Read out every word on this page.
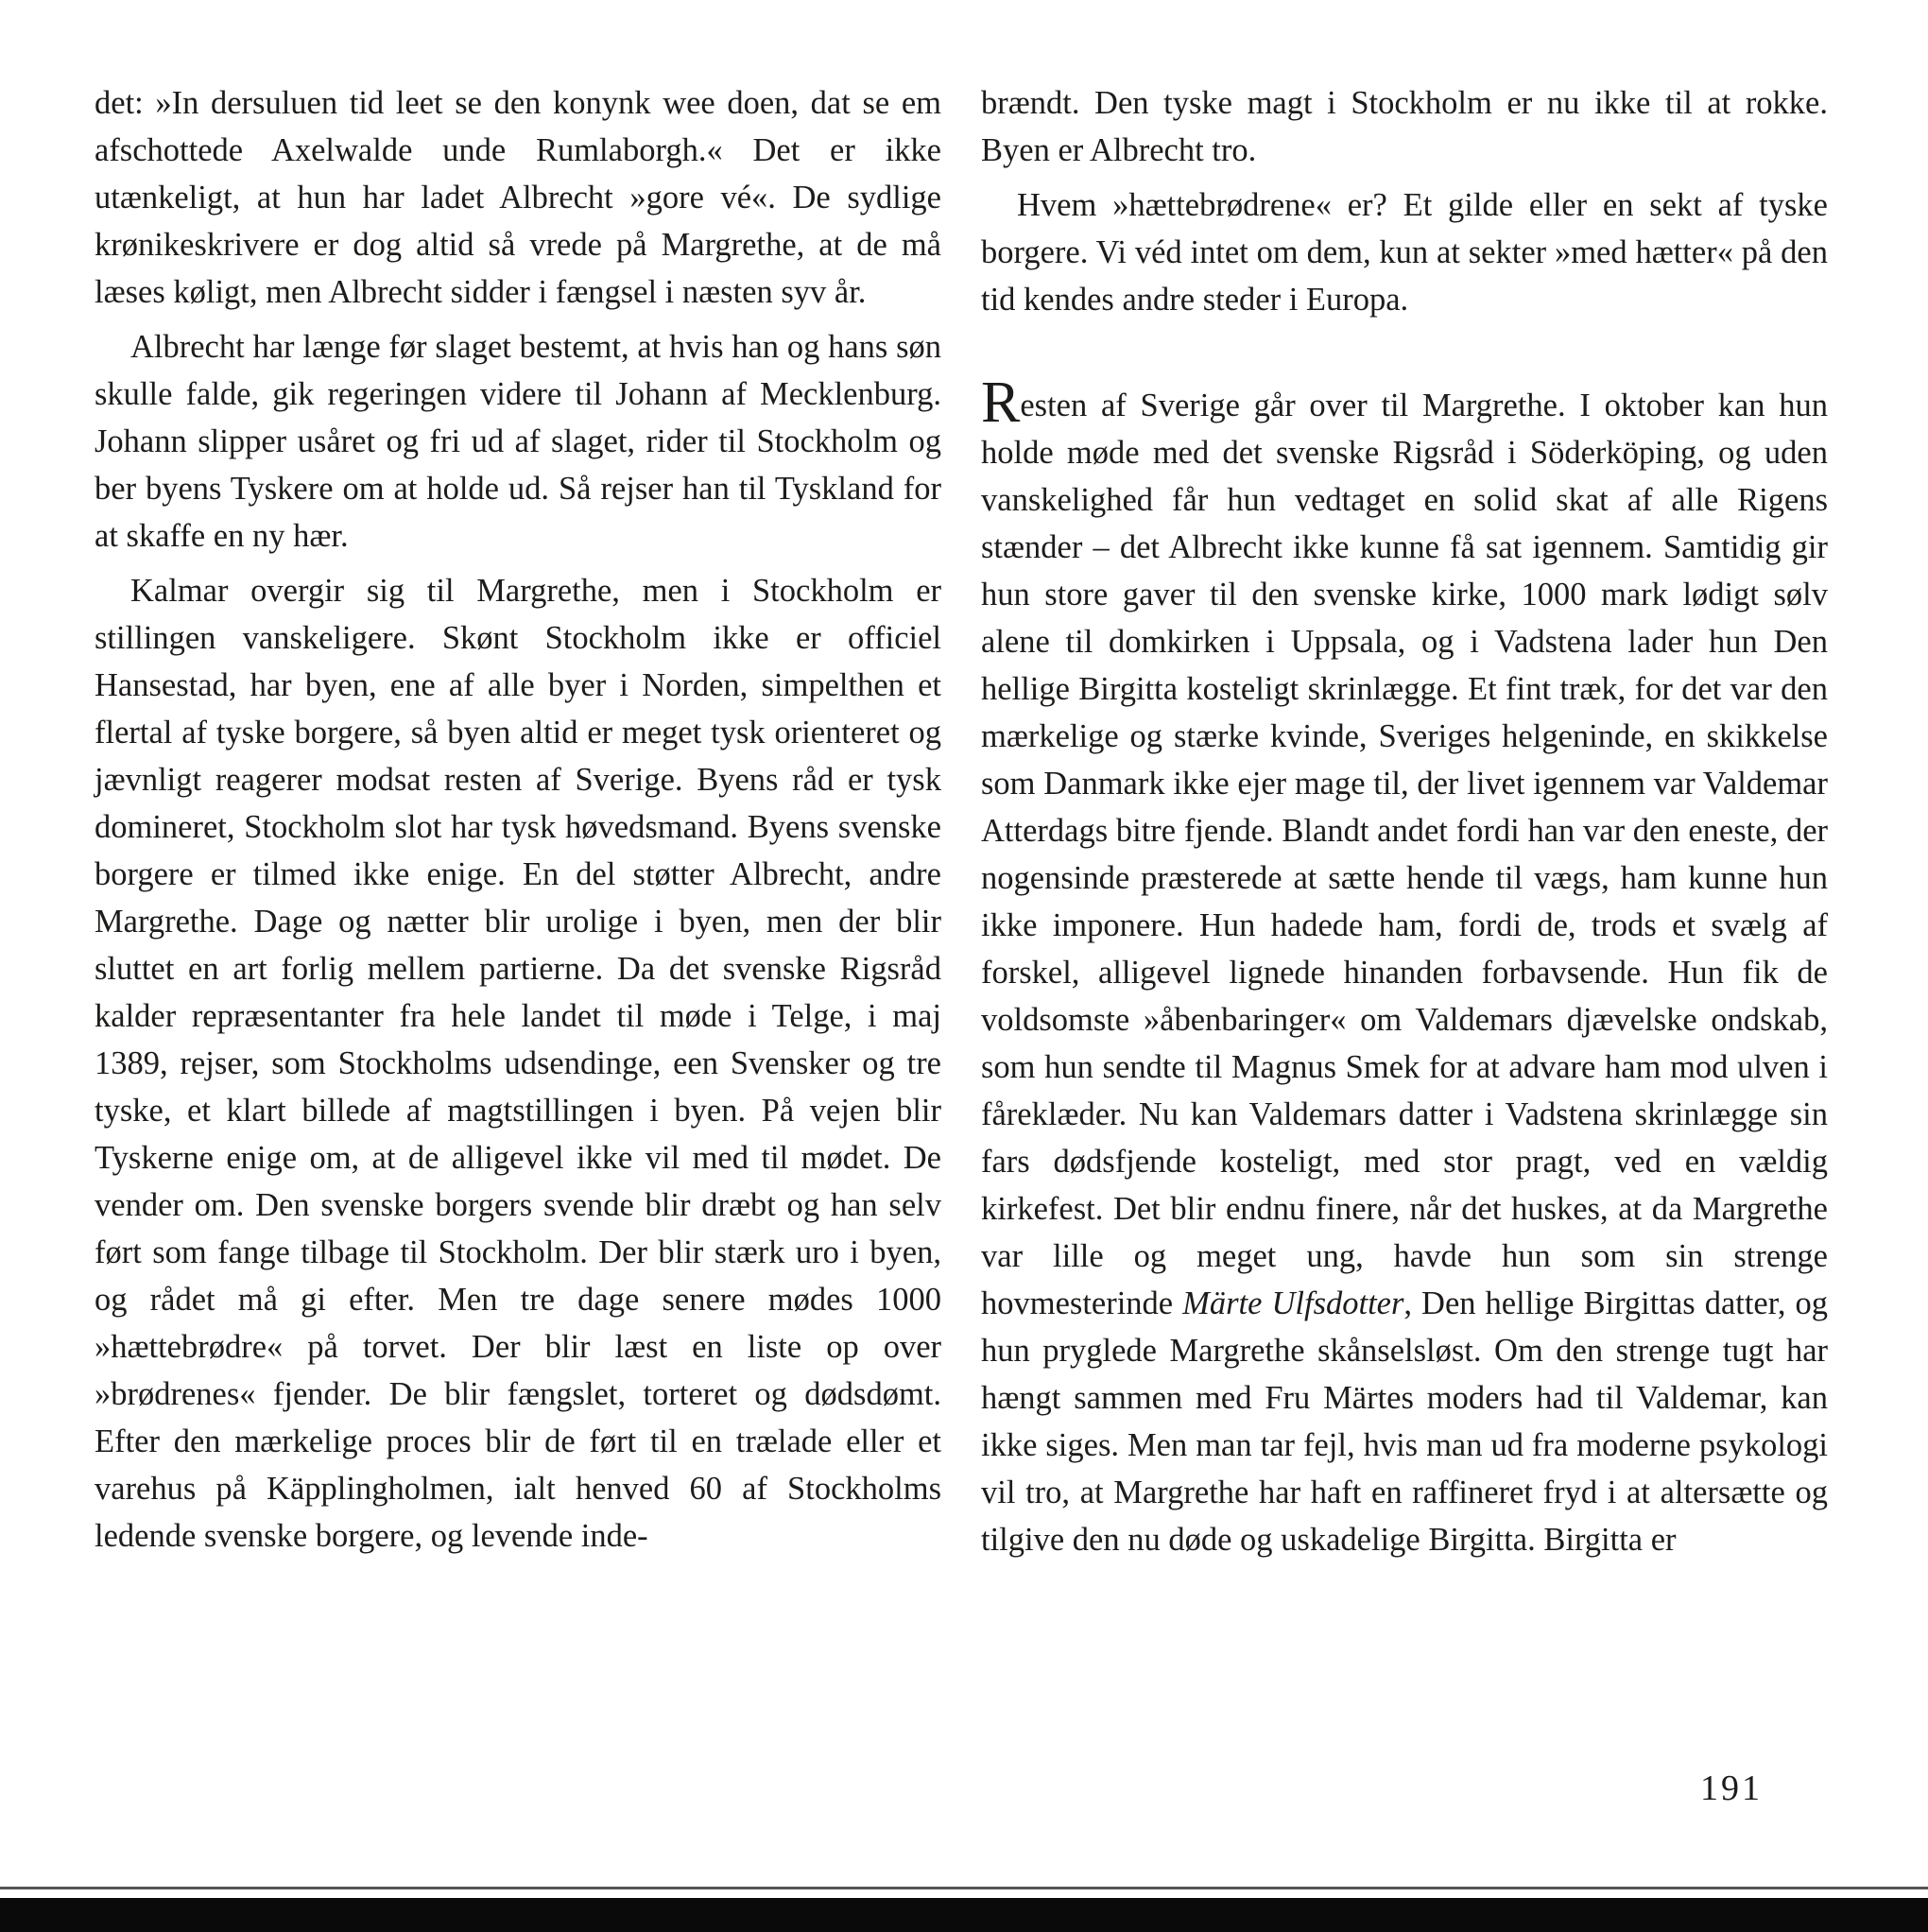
det: »In dersuluen tid leet se den konynk wee doen, dat se em afschottede Axelwalde unde Rumlaborgh.« Det er ikke utænkeligt, at hun har ladet Albrecht »gore vé«. De sydlige krønikeskrivere er dog altid så vrede på Margrethe, at de må læses køligt, men Albrecht sidder i fængsel i næsten syv år.

Albrecht har længe før slaget bestemt, at hvis han og hans søn skulle falde, gik regeringen videre til Johann af Mecklenburg. Johann slipper usåret og fri ud af slaget, rider til Stockholm og ber byens Tyskere om at holde ud. Så rejser han til Tyskland for at skaffe en ny hær.

Kalmar overgir sig til Margrethe, men i Stockholm er stillingen vanskeligere. Skønt Stockholm ikke er officiel Hansestad, har byen, ene af alle byer i Norden, simpelthen et flertal af tyske borgere, så byen altid er meget tysk orienteret og jævnligt reagerer modsat resten af Sverige. Byens råd er tysk domineret, Stockholm slot har tysk høvedsmand. Byens svenske borgere er tilmed ikke enige. En del støtter Albrecht, andre Margrethe. Dage og nætter blir urolige i byen, men der blir sluttet en art forlig mellem partierne. Da det svenske Rigsråd kalder repræsentanter fra hele landet til møde i Telge, i maj 1389, rejser, som Stockholms udsendinge, een Svensker og tre tyske, et klart billede af magtstillingen i byen. På vejen blir Tyskerne enige om, at de alligevel ikke vil med til mødet. De vender om. Den svenske borgers svende blir dræbt og han selv ført som fange tilbage til Stockholm. Der blir stærk uro i byen, og rådet må gi efter. Men tre dage senere mødes 1000 »hættebrødre« på torvet. Der blir læst en liste op over »brødrenes« fjender. De blir fængslet, torteret og dødsdømt. Efter den mærkelige proces blir de ført til en trælade eller et varehus på Käpplingholmen, ialt henved 60 af Stockholms ledende svenske borgere, og levende inde-

brændt. Den tyske magt i Stockholm er nu ikke til at rokke. Byen er Albrecht tro.

Hvem »hættebrødrene« er? Et gilde eller en sekt af tyske borgere. Vi véd intet om dem, kun at sekter »med hætter« på den tid kendes andre steder i Europa.

Resten af Sverige går over til Margrethe. I oktober kan hun holde møde med det svenske Rigsråd i Söderköping, og uden vanskelighed får hun vedtaget en solid skat af alle Rigens stænder – det Albrecht ikke kunne få sat igennem. Samtidig gir hun store gaver til den svenske kirke, 1000 mark lødigt sølv alene til domkirken i Uppsala, og i Vadstena lader hun Den hellige Birgitta kosteligt skrinlægge. Et fint træk, for det var den mærkelige og stærke kvinde, Sveriges helgeninde, en skikkelse som Danmark ikke ejer mage til, der livet igennem var Valdemar Atterdags bitre fjende. Blandt andet fordi han var den eneste, der nogensinde præsterede at sætte hende til vægs, ham kunne hun ikke imponere. Hun hadede ham, fordi de, trods et svælg af forskel, alligevel lignede hinanden forbavsende. Hun fik de voldsomste »åbenbaringer« om Valdemars djævelske ondskab, som hun sendte til Magnus Smek for at advare ham mod ulven i fåreklæder. Nu kan Valdemars datter i Vadstena skrinlægge sin fars dødsfjende kosteligt, med stor pragt, ved en vældig kirkefest. Det blir endnu finere, når det huskes, at da Margrethe var lille og meget ung, havde hun som sin strenge hovmesterinde Märte Ulfsdotter, Den hellige Birgittas datter, og hun pryglede Margrethe skånselsløst. Om den strenge tugt har hængt sammen med Fru Märtes moders had til Valdemar, kan ikke siges. Men man tar fejl, hvis man ud fra moderne psykologi vil tro, at Margrethe har haft en raffineret fryd i at altersætte og tilgive den nu døde og uskadelige Birgitta. Birgitta er

191
